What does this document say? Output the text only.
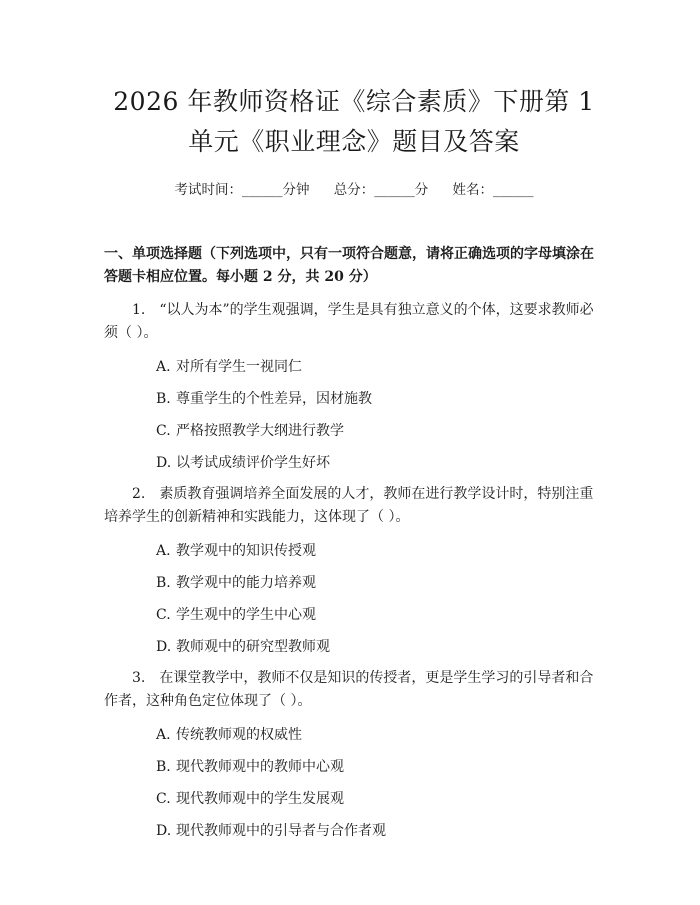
2026 年教师资格证《综合素质》下册第 1 单元《职业理念》题目及答案
考试时间：______分钟 总分：______分 姓名：______
一、单项选择题（下列选项中，只有一项符合题意，请将正确选项的字母填涂在答题卡相应位置。每小题 2 分，共 20 分）
1. “以人为本”的学生观强调，学生是具有独立意义的个体，这要求教师必须（ ）。
A. 对所有学生一视同仁
B. 尊重学生的个性差异，因材施教
C. 严格按照教学大纲进行教学
D. 以考试成绩评价学生好坏
2. 素质教育强调培养全面发展的人才，教师在进行教学设计时，特别注重培养学生的创新精神和实践能力，这体现了（ ）。
A. 教学观中的知识传授观
B. 教学观中的能力培养观
C. 学生观中的学生中心观
D. 教师观中的研究型教师观
3. 在课堂教学中，教师不仅是知识的传授者，更是学生学习的引导者和合作者，这种角色定位体现了（ ）。
A. 传统教师观的权威性
B. 现代教师观中的教师中心观
C. 现代教师观中的学生发展观
D. 现代教师观中的引导者与合作者观
